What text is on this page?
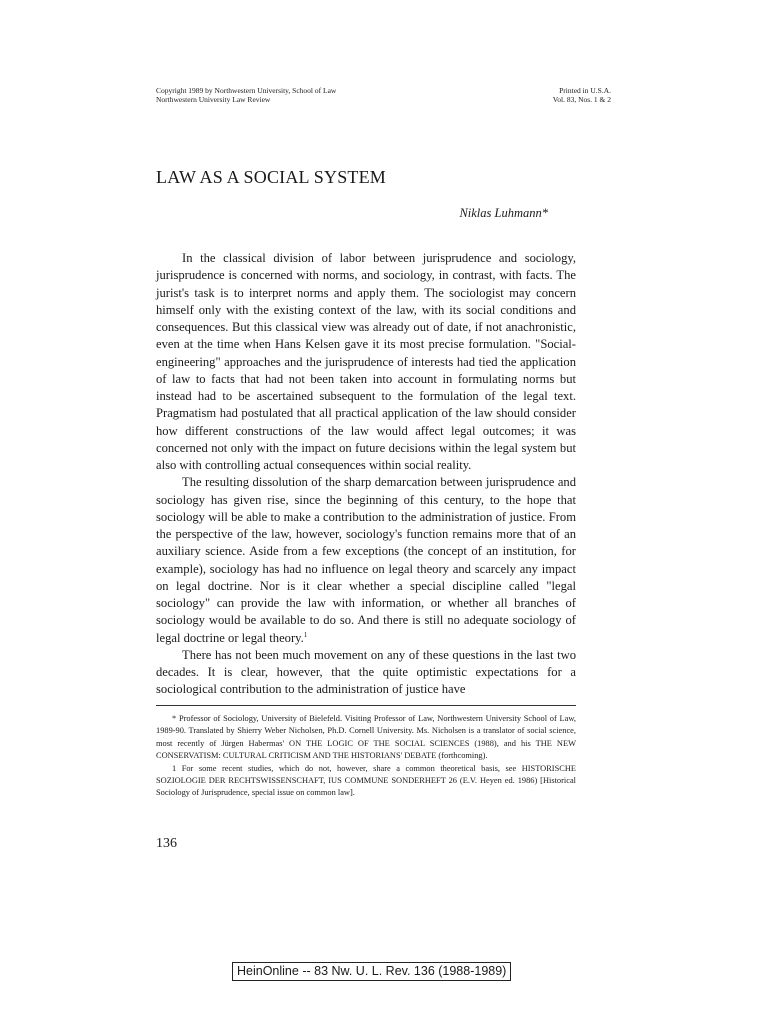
Copyright 1989 by Northwestern University, School of Law
Northwestern University Law Review
Printed in U.S.A.
Vol. 83, Nos. 1 & 2
LAW AS A SOCIAL SYSTEM
Niklas Luhmann*

In the classical division of labor between jurisprudence and sociology, jurisprudence is concerned with norms, and sociology, in contrast, with facts. The jurist's task is to interpret norms and apply them. The sociologist may concern himself only with the existing context of the law, with its social conditions and consequences. But this classical view was already out of date, if not anachronistic, even at the time when Hans Kelsen gave it its most precise formulation. "Social-engineering" approaches and the jurisprudence of interests had tied the application of law to facts that had not been taken into account in formulating norms but instead had to be ascertained subsequent to the formulation of the legal text. Pragmatism had postulated that all practical application of the law should consider how different constructions of the law would affect legal outcomes; it was concerned not only with the impact on future decisions within the legal system but also with controlling actual consequences within social reality.

The resulting dissolution of the sharp demarcation between jurisprudence and sociology has given rise, since the beginning of this century, to the hope that sociology will be able to make a contribution to the administration of justice. From the perspective of the law, however, sociology's function remains more that of an auxiliary science. Aside from a few exceptions (the concept of an institution, for example), sociology has had no influence on legal theory and scarcely any impact on legal doctrine. Nor is it clear whether a special discipline called "legal sociology" can provide the law with information, or whether all branches of sociology would be available to do so. And there is still no adequate sociology of legal doctrine or legal theory.$^1$

There has not been much movement on any of these questions in the last two decades. It is clear, however, that the quite optimistic expectations for a sociological contribution to the administration of justice have

* Professor of Sociology, University of Bielefeld. Visiting Professor of Law, Northwestern University School of Law, 1989-90. Translated by Shierry Weber Nicholsen, Ph.D. Cornell University. Ms. Nicholsen is a translator of social science, most recently of Jürgen Habermas' ON THE LOGIC OF THE SOCIAL SCIENCES (1988), and his THE NEW CONSERVATISM: CULTURAL CRITICISM AND THE HISTORIANS' DEBATE (forthcoming).

1 For some recent studies, which do not, however, share a common theoretical basis, see HISTORISCHE SOZIOLOGIE DER RECHTSWISSENSCHAFT, IUS COMMUNE SONDERHEFT 26 (E.V. Heyen ed. 1986) [Historical Sociology of Jurisprudence, special issue on common law].

136
HeinOnline -- 83 Nw. U. L. Rev. 136 (1988-1989)
